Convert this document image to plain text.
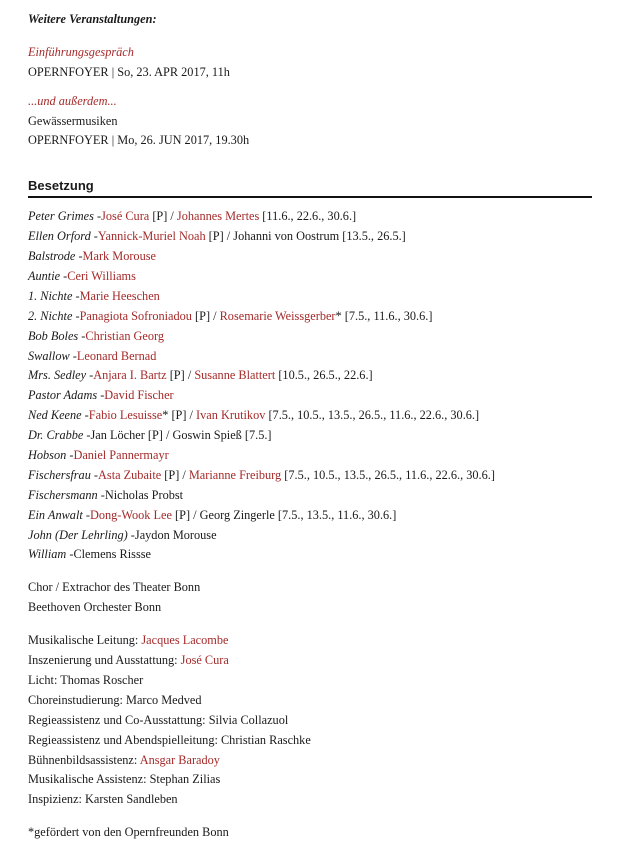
Weitere Veranstaltungen:
Einführungsgespräch
OPERNFOYER | So, 23. APR 2017, 11h
...und außerdem...
Gewässermusiken
OPERNFOYER | Mo, 26. JUN 2017, 19.30h
Besetzung
Peter Grimes -José Cura [P] / Johannes Mertes [11.6., 22.6., 30.6.]
Ellen Orford -Yannick-Muriel Noah [P] / Johanni von Oostrum [13.5., 26.5.]
Balstrode -Mark Morouse
Auntie -Ceri Williams
1. Nichte -Marie Heeschen
2. Nichte -Panagiota Sofroniadou [P] / Rosemarie Weissgerber* [7.5., 11.6., 30.6.]
Bob Boles -Christian Georg
Swallow -Leonard Bernad
Mrs. Sedley -Anjara I. Bartz [P] / Susanne Blattert [10.5., 26.5., 22.6.]
Pastor Adams -David Fischer
Ned Keene -Fabio Lesuisse* [P] / Ivan Krutikov [7.5., 10.5., 13.5., 26.5., 11.6., 22.6., 30.6.]
Dr. Crabbe -Jan Löcher [P] / Goswin Spieß [7.5.]
Hobson -Daniel Pannermayr
Fischersfrau -Asta Zubaite [P] / Marianne Freiburg [7.5., 10.5., 13.5., 26.5., 11.6., 22.6., 30.6.]
Fischersmann -Nicholas Probst
Ein Anwalt -Dong-Wook Lee [P] / Georg Zingerle [7.5., 13.5., 11.6., 30.6.]
John (Der Lehrling) -Jaydon Morouse
William -Clemens Rissse
Chor / Extrachor des Theater Bonn
Beethoven Orchester Bonn
Musikalische Leitung: Jacques Lacombe
Inszenierung und Ausstattung: José Cura
Licht: Thomas Roscher
Choreinstudierung: Marco Medved
Regieassistenz und Co-Ausstattung: Silvia Collazuol
Regieassistenz und Abendspielleitung: Christian Raschke
Bühnenbildsassistenz: Ansgar Baradoy
Musikalische Assistenz: Stephan Zilias
Inspizienz: Karsten Sandleben
*gefördert von den Opernfreunden Bonn
